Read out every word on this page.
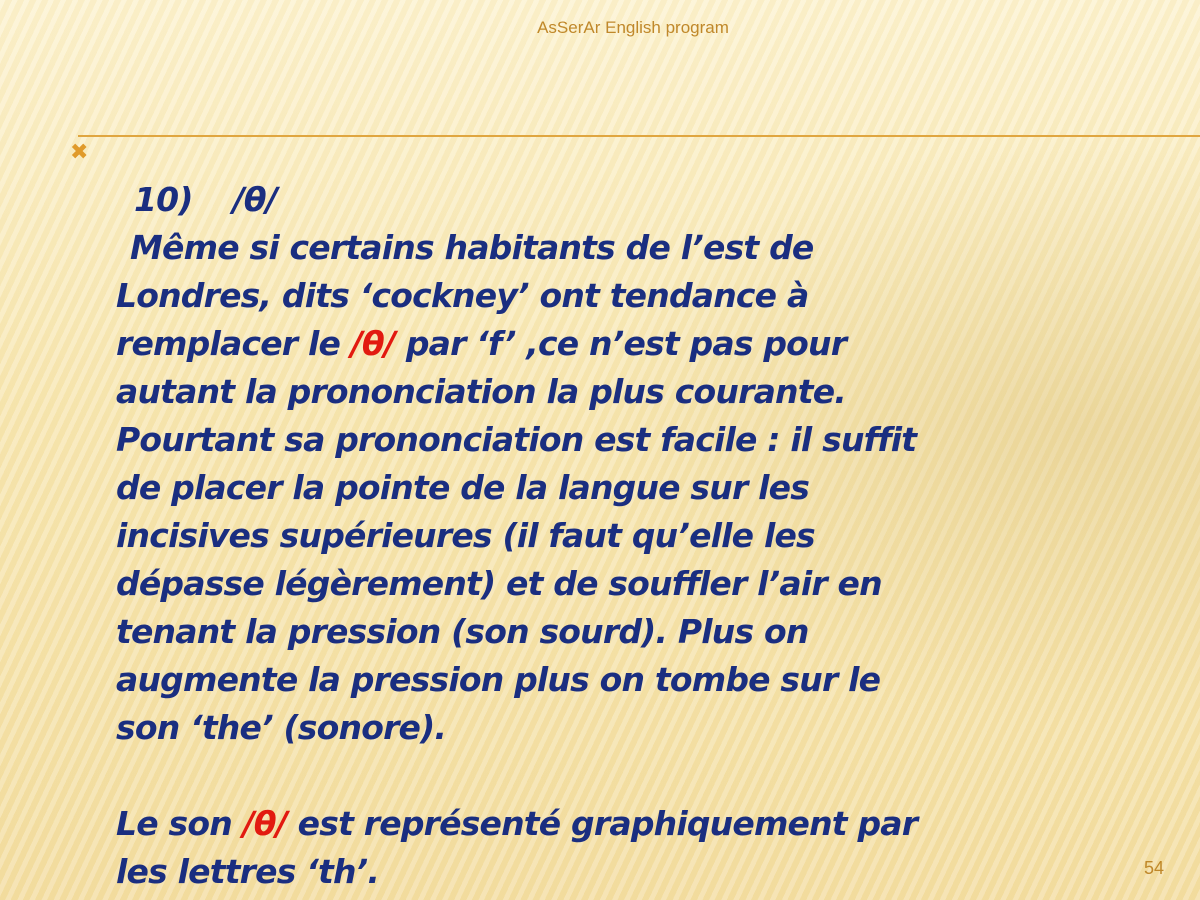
AsSerAr English program
✖
10) /θ/
Même si certains habitants de l’est de
Londres, dits ‘cockney’ ont tendance à
remplacer le /θ/ par ‘f’ ,ce n’est pas pour
autant la prononciation la plus courante.
Pourtant sa prononciation est facile : il suffit
de placer la pointe de la langue sur les
incisives supérieures (il faut qu’elle les
dépasse légèrement) et de souffler l’air en
tenant la pression (son sourd). Plus on
augmente la pression plus on tombe sur le
son ‘the’ (sonore).
Le son /θ/ est représenté graphiquement par
les lettres ‘th’.	54
